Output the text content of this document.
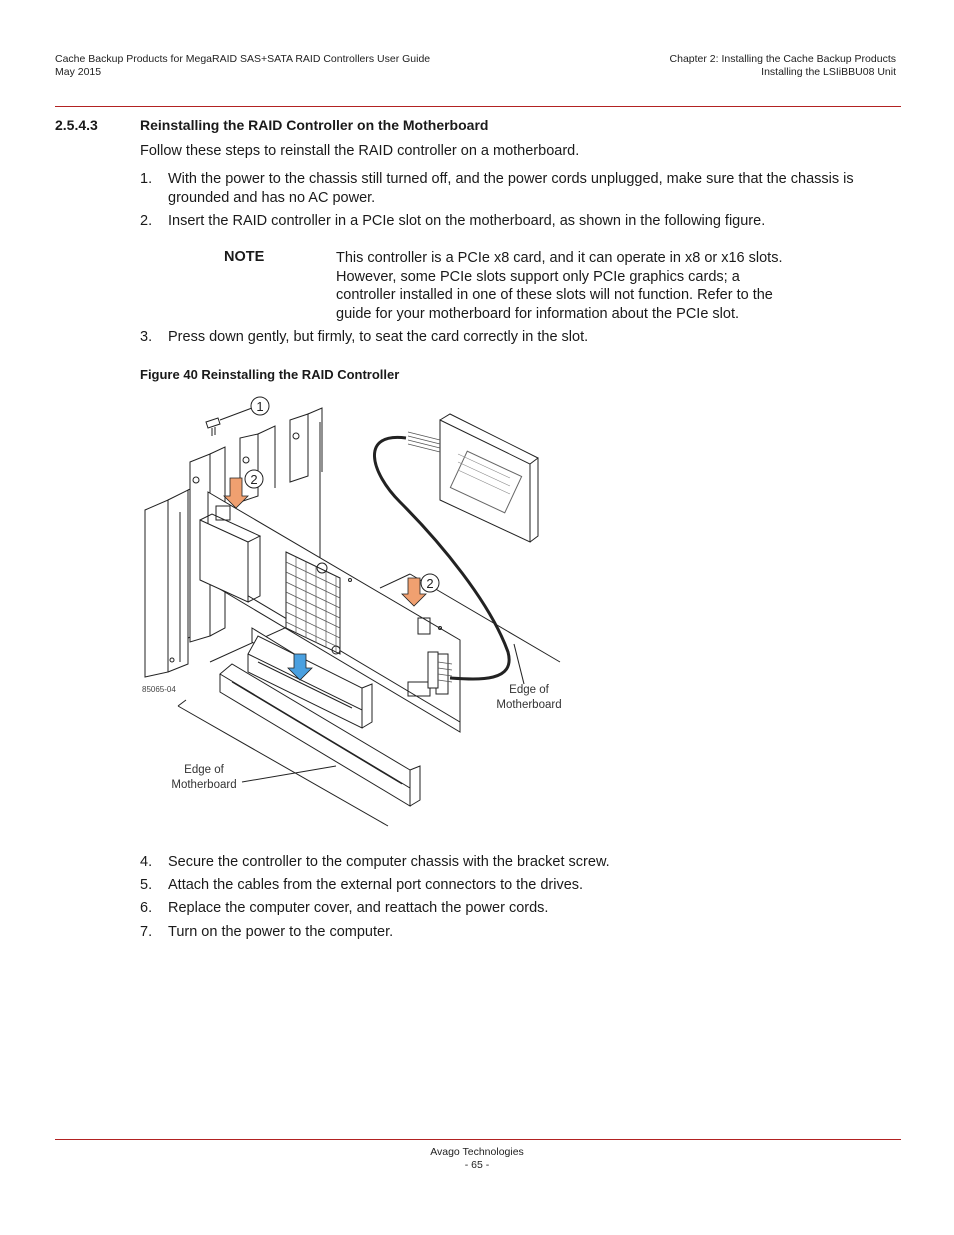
Cache Backup Products for MegaRAID SAS+SATA RAID Controllers User Guide
May 2015
Chapter 2: Installing the Cache Backup Products
Installing the LSIiBBU08 Unit
2.5.4.3	Reinstalling the RAID Controller on the Motherboard
Follow these steps to reinstall the RAID controller on a motherboard.
1. With the power to the chassis still turned off, and the power cords unplugged, make sure that the chassis is grounded and has no AC power.
2. Insert the RAID controller in a PCIe slot on the motherboard, as shown in the following figure.
NOTE	This controller is a PCIe x8 card, and it can operate in x8 or x16 slots. However, some PCIe slots support only PCIe graphics cards; a controller installed in one of these slots will not function. Refer to the guide for your motherboard for information about the PCIe slot.
3. Press down gently, but firmly, to seat the card correctly in the slot.
Figure 40 Reinstalling the RAID Controller
1
2
2
85065-04	Edge of
Motherboard
Edge of
Motherboard
4. Secure the controller to the computer chassis with the bracket screw.
5. Attach the cables from the external port connectors to the drives.
6. Replace the computer cover, and reattach the power cords.
7. Turn on the power to the computer.
Avago Technologies
- 65 -
